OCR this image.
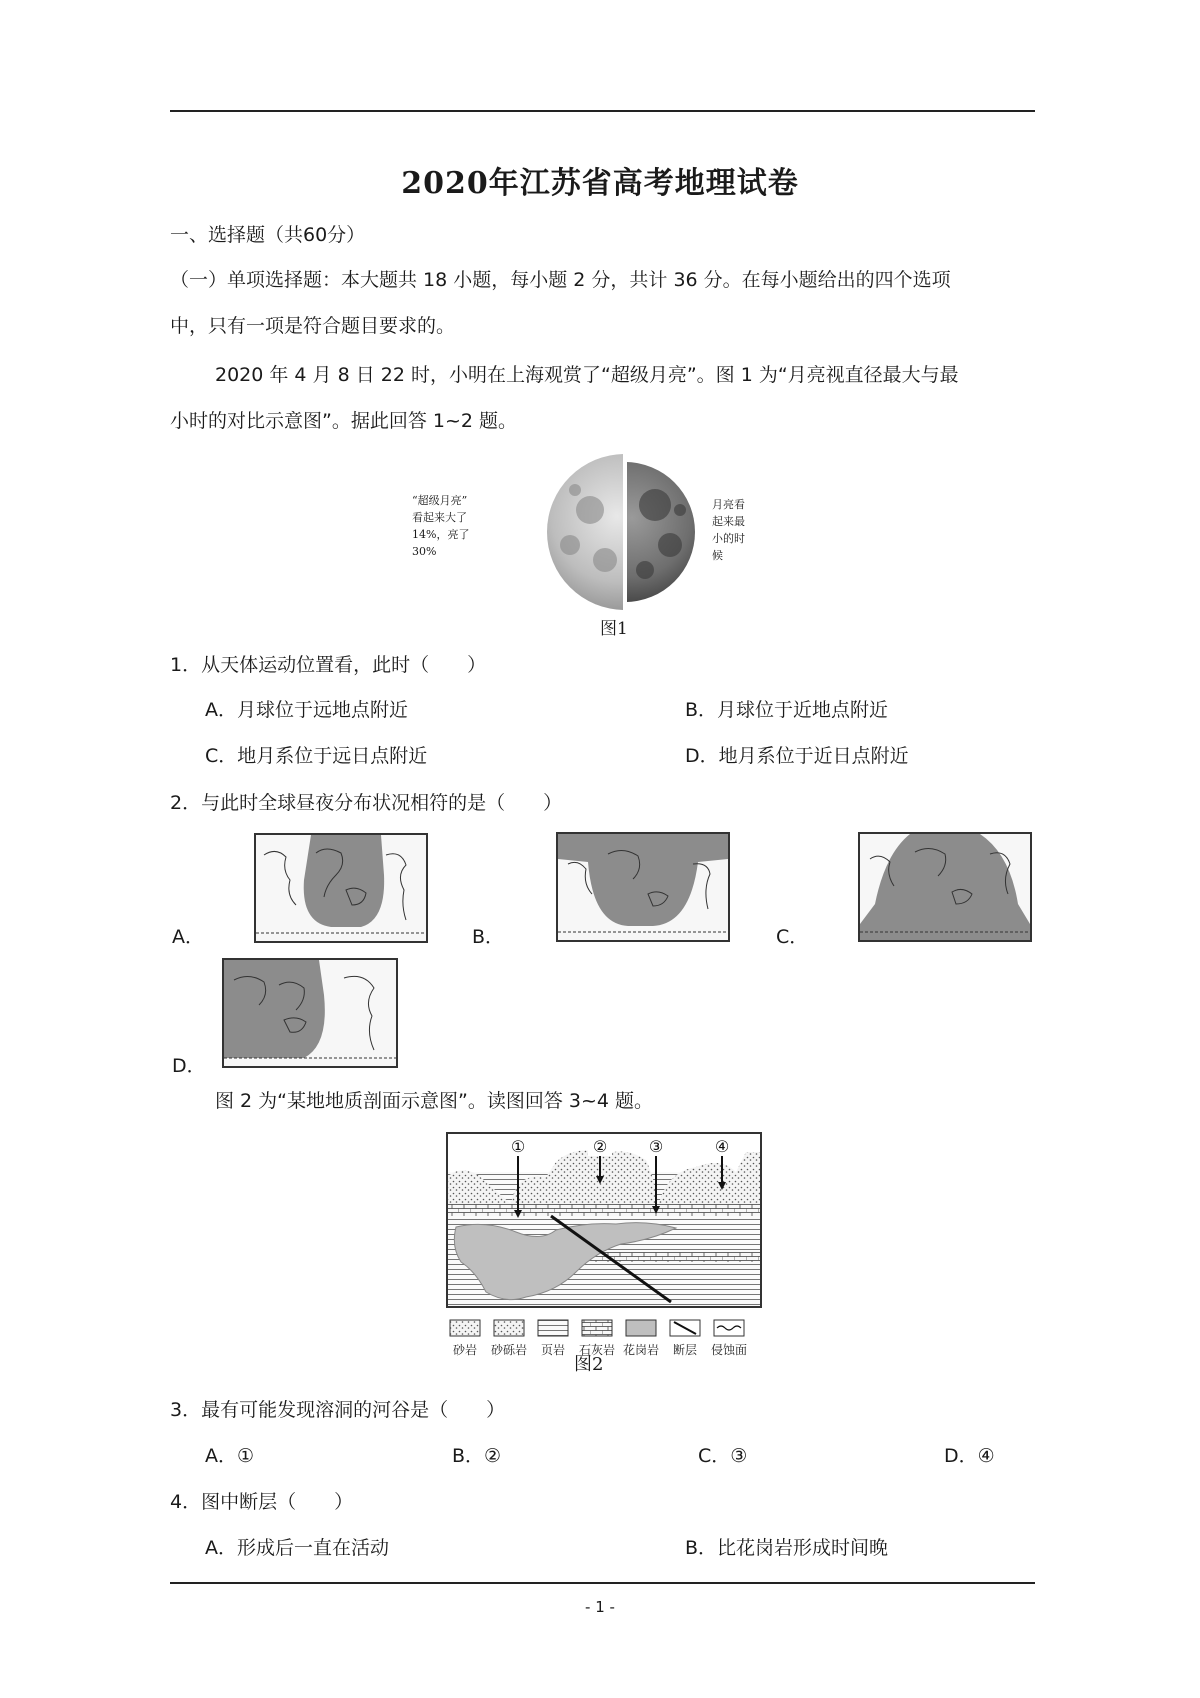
2020年江苏省高考地理试卷
一、选择题（共60分）
（一）单项选择题：本大题共 18 小题，每小题 2 分，共计 36 分。在每小题给出的四个选项
中，只有一项是符合题目要求的。
2020 年 4 月 8 日 22 时，小明在上海观赏了“超级月亮”。图 1 为“月亮视直径最大与最
小时的对比示意图”。据此回答 1~2 题。
“超级月亮”
看起来大了
14%，亮了
30%
月亮看
起来最
小的时
候
图1
1．从天体运动位置看，此时（　　）
A．月球位于远地点附近	B．月球位于近地点附近
C．地月系位于远日点附近	D．地月系位于近日点附近
2．与此时全球昼夜分布状况相符的是（　　）
A．	B．	C．
D．
图 2 为“某地地质剖面示意图”。读图回答 3~4 题。
①	②	③	④
砂岩 砂砾岩 页岩 石灰岩 花岗岩 断层 侵蚀面
图2
3．最有可能发现溶洞的河谷是（　　）
A．①	B．②	C．③	D．④
4．图中断层（　　）
A．形成后一直在活动	B．比花岗岩形成时间晚
- 1 -
